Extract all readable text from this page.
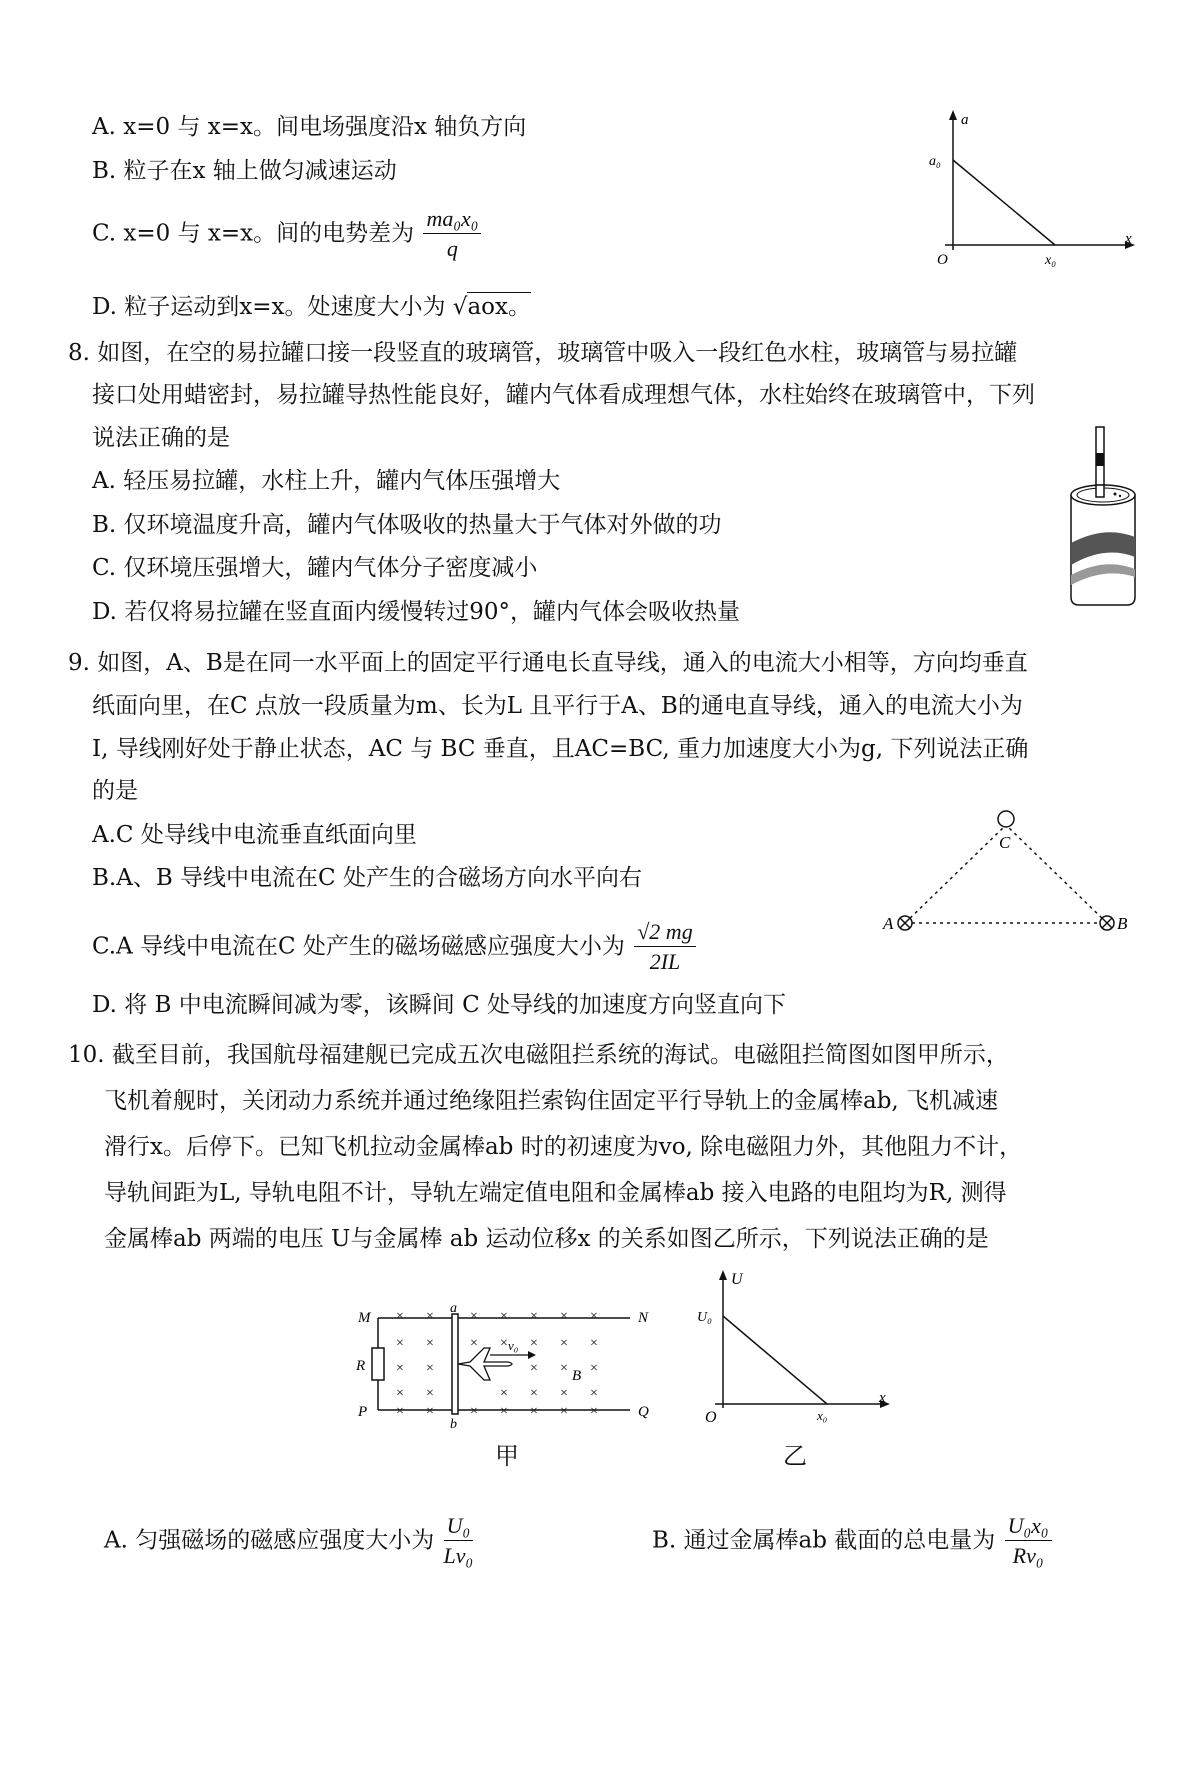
A. x=0 与 x=x。间电场强度沿x 轴负方向
B. 粒子在x 轴上做匀减速运动
C. x=0 与 x=x。间的电势差为 $\frac{\text{ma₀x₀}}{q}$
D. 粒子运动到x=x。处速度大小为 √aox。
a
x
a₀
x₀
O
8. 如图，在空的易拉罐口接一段竖直的玻璃管，玻璃管中吸入一段红色水柱，玻璃管与易拉罐
接口处用蜡密封，易拉罐导热性能良好，罐内气体看成理想气体，水柱始终在玻璃管中，下列
说法正确的是
A. 轻压易拉罐，水柱上升，罐内气体压强增大
B. 仅环境温度升高，罐内气体吸收的热量大于气体对外做的功
C. 仅环境压强增大，罐内气体分子密度减小
D. 若仅将易拉罐在竖直面内缓慢转过90°，罐内气体会吸收热量
9. 如图，A、B是在同一水平面上的固定平行通电长直导线，通入的电流大小相等，方向均垂直
纸面向里，在C 点放一段质量为m、长为L 且平行于A、B的通电直导线，通入的电流大小为
I, 导线刚好处于静止状态，AC 与 BC 垂直，且AC=BC, 重力加速度大小为g, 下列说法正确
的是
A.C 处导线中电流垂直纸面向里
B.A、B 导线中电流在C 处产生的合磁场方向水平向右
C.A 导线中电流在C 处产生的磁场磁感应强度大小为 $\frac{√2 mg}{2IL}$
D. 将 B 中电流瞬间减为零，该瞬间 C 处导线的加速度方向竖直向下
C
A	B
10. 截至目前，我国航母福建舰已完成五次电磁阻拦系统的海试。电磁阻拦简图如图甲所示，
飞机着舰时，关闭动力系统并通过绝缘阻拦索钩住固定平行导轨上的金属棒ab, 飞机减速
滑行x。后停下。已知飞机拉动金属棒ab 时的初速度为vo, 除电磁阻力外，其他阻力不计，
导轨间距为L, 导轨电阻不计，导轨左端定值电阻和金属棒ab 接入电路的电阻均为R, 测得
金属棒ab 两端的电压 U与金属棒 ab 运动位移x 的关系如图乙所示，下列说法正确的是
× ×	× × × × ×
× ×	× × × × ×
× ×	× × ×
× ×	× × × ×
× ×	× × × × ×
v₀
M	N
P	Q
R
a
b
B
甲
U
x
U₀
x₀
O
乙
A. 匀强磁场的磁感应强度大小为 $\frac{\text{U₀}}{\text{Lv₀}}$	B. 通过金属棒ab 截面的总电量为 $\frac{\text{U₀x₀}}{\text{Rv₀}}$
